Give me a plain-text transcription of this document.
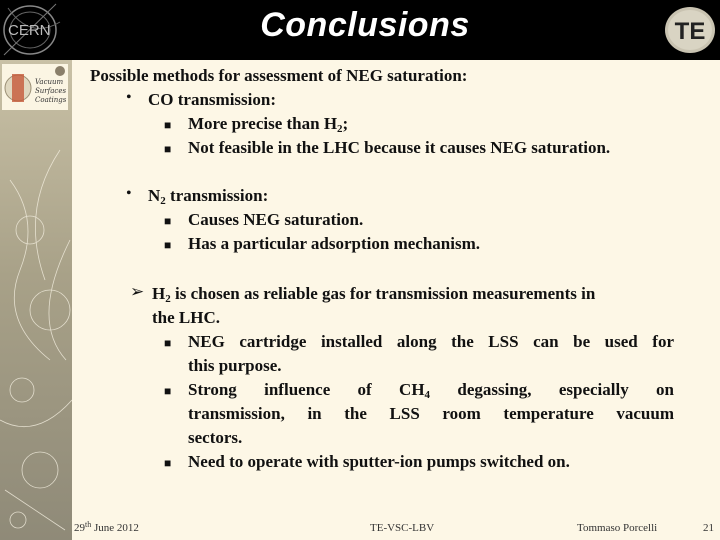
CERN	Conclusions	TE
Vacuum
Surfaces
Coatings
Possible methods for assessment of NEG saturation:
• CO transmission:
■ More precise than $H_2$;
■ Not feasible in the LHC because it causes NEG saturation.
• $N_2$ transmission:
■ Causes NEG saturation.
■ Has a particular adsorption mechanism.
➢ $H_2$ is chosen as reliable gas for transmission measurements in
the LHC.
■ NEG cartridge installed along the LSS can be used for
this purpose.
■ Strong influence of $CH_4$ degassing, especially on
transmission, in the LSS room temperature vacuum
sectors.
■ Need to operate with sputter-ion pumps switched on.
29th June 2012	TE-VSC-LBV	Tommaso Porcelli	21
